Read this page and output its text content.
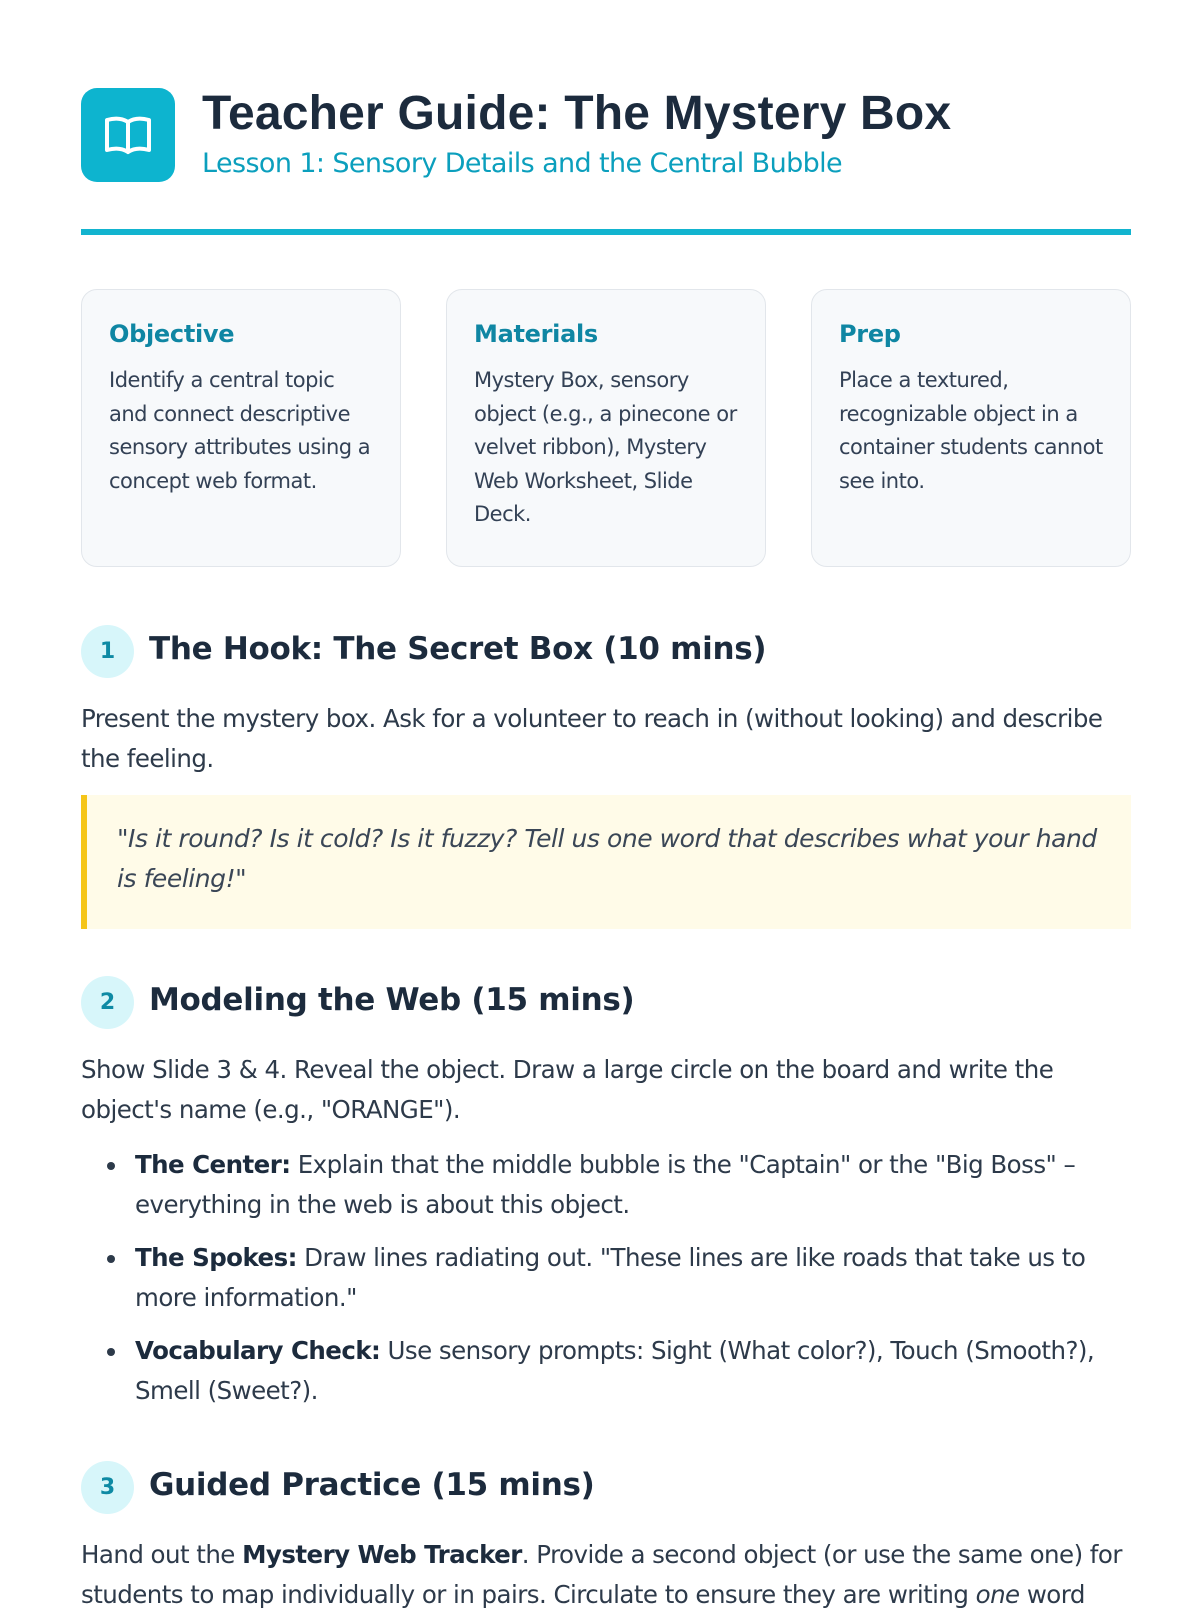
Teacher Guide: The Mystery Box

Lesson 1: Sensory Details and the Central Bubble

Objective

Identify a central topic and connect descriptive sensory attributes using a concept web format.

Materials

Mystery Box, sensory object (e.g., a pinecone or velvet ribbon), Mystery Web Worksheet, Slide Deck.

Prep

Place a textured, recognizable object in a container students cannot see into.

1	The Hook: The Secret Box (10 mins)

Present the mystery box. Ask for a volunteer to reach in (without looking) and describe the feeling.

"Is it round? Is it cold? Is it fuzzy? Tell us one word that describes what your hand is feeling!"

2	Modeling the Web (15 mins)

Show Slide 3 & 4. Reveal the object. Draw a large circle on the board and write the object's name (e.g., "ORANGE").

The Center: Explain that the middle bubble is the "Captain" or the "Big Boss" – everything in the web is about this object.
The Spokes: Draw lines radiating out. "These lines are like roads that take us to more information."
Vocabulary Check: Use sensory prompts: Sight (What color?), Touch (Smooth?), Smell (Sweet?).
3	Guided Practice (15 mins)

Hand out the Mystery Web Tracker. Provide a second object (or use the same one) for students to map individually or in pairs. Circulate to ensure they are writing one word
